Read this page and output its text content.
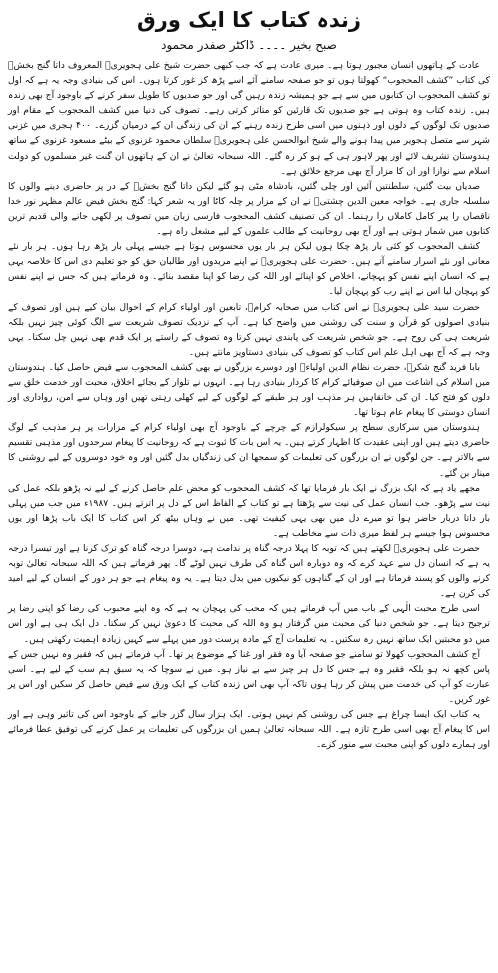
زندہ کتاب کا ایک ورق
صبح بخیر ۔۔۔۔ ڈاکٹر صفدر محمود

عادت کے ہاتھوں انسان مجبور ہوتا ہے۔ میری عادت ہے کہ جب کبھی حضرت شیخ علی ہجویریؒ المعروف داتا گنج بخشؒ کی کتاب ”کشف المحجوب“ کھولتا ہوں تو جو صفحہ سامنے آئے اسے پڑھ کر غور کرتا ہوں۔ اس کی بنیادی وجہ یہ ہے کہ اول تو کشف المحجوب ان کتابوں میں سے ہے جو ہمیشہ زندہ رہیں گی اور جو صدیوں کا طویل سفر کرنے کے باوجود آج بھی زندہ ہیں۔ زندہ کتاب وہ ہوتی ہے جو صدیوں تک قارئین کو متاثر کرتی رہے۔ تصوف کی دنیا میں کشف المحجوب کے مقام اور صدیوں تک لوگوں کے دلوں اور ذہنوں میں اسی طرح زندہ رہنے کے ان کی زندگی ان کے درمیان گزرے۔ ۴۰۰ ہجری میں غزنی شہر سے متصل ہجویر میں پیدا ہونے والے شیخ ابوالحسن علی ہجویریؒ سلطان محمود غزنوی کے بیٹے مسعود غزنوی کے ساتھ ہندوستان تشریف لائے اور پھر لاہور ہی کے ہو کر رہ گئے۔ اللہ سبحانہ تعالیٰ نے ان کے ہاتھوں ان گنت غیر مسلموں کو دولت اسلام سے نوازا اور ان کا مزار آج بھی مرجع خلائق ہے۔

صدیاں بیت گئیں، سلطنتیں آئیں اور چلی گئیں، بادشاہ مٹی ہو گئے لیکن داتا گنج بخشؒ کے در پر حاضری دینے والوں کا سلسلہ جاری ہے۔ خواجہ معین الدین چشتیؒ نے ان کے مزار پر چلہ کاٹا اور یہ شعر کہا: گنج بخش فیض عالم مظہر نور خدا ناقصاں را پیر کامل کاملاں را رہنما۔ ان کی تصنیف کشف المحجوب فارسی زبان میں تصوف پر لکھی جانے والی قدیم ترین کتابوں میں شمار ہوتی ہے اور آج بھی روحانیت کے طالب علموں کے لیے مشعل راہ ہے۔

کشف المحجوب کو کئی بار پڑھ چکا ہوں لیکن ہر بار یوں محسوس ہوتا ہے جیسے پہلی بار پڑھ رہا ہوں۔ ہر بار نئے معانی اور نئے اسرار سامنے آتے ہیں۔ حضرت علی ہجویریؒ نے اپنے مریدوں اور طالبان حق کو جو تعلیم دی اس کا خلاصہ یہی ہے کہ انسان اپنے نفس کو پہچانے، اخلاص کو اپنائے اور اللہ کی رضا کو اپنا مقصد بنائے۔ وہ فرماتے ہیں کہ جس نے اپنے نفس کو پہچان لیا اس نے اپنے رب کو پہچان لیا۔

حضرت سید علی ہجویریؒ نے اس کتاب میں صحابہ کرامؓ، تابعین اور اولیاء کرام کے احوال بیان کیے ہیں اور تصوف کے بنیادی اصولوں کو قرآن و سنت کی روشنی میں واضح کیا ہے۔ آپ کے نزدیک تصوف شریعت سے الگ کوئی چیز نہیں بلکہ شریعت ہی کی روح ہے۔ جو شخص شریعت کی پابندی نہیں کرتا وہ تصوف کے راستے پر ایک قدم بھی نہیں چل سکتا۔ یہی وجہ ہے کہ آج بھی اہل علم اس کتاب کو تصوف کی بنیادی دستاویز مانتے ہیں۔

بابا فرید گنج شکرؒ، حضرت نظام الدین اولیاءؒ اور دوسرے بزرگوں نے بھی کشف المحجوب سے فیض حاصل کیا۔ ہندوستان میں اسلام کی اشاعت میں ان صوفیائے کرام کا کردار بنیادی رہا ہے۔ انہوں نے تلوار کے بجائے اخلاق، محبت اور خدمت خلق سے دلوں کو فتح کیا۔ ان کی خانقاہیں ہر مذہب اور ہر طبقے کے لوگوں کے لیے کھلی رہتی تھیں اور وہاں سے امن، رواداری اور انسان دوستی کا پیغام عام ہوتا تھا۔

ہندوستان میں سرکاری سطح پر سیکولرازم کے چرچے کے باوجود آج بھی اولیاء کرام کے مزارات پر ہر مذہب کے لوگ حاضری دیتے ہیں اور اپنی عقیدت کا اظہار کرتے ہیں۔ یہ اس بات کا ثبوت ہے کہ روحانیت کا پیغام سرحدوں اور مذہبی تقسیم سے بالاتر ہے۔ جن لوگوں نے ان بزرگوں کی تعلیمات کو سمجھا ان کی زندگیاں بدل گئیں اور وہ خود دوسروں کے لیے روشنی کا مینار بن گئے۔

مجھے یاد ہے کہ ایک بزرگ نے ایک بار فرمایا تھا کہ کشف المحجوب کو محض علم حاصل کرنے کے لیے نہ پڑھو بلکہ عمل کی نیت سے پڑھو۔ جب انسان عمل کی نیت سے پڑھتا ہے تو کتاب کے الفاظ اس کے دل پر اترتے ہیں۔ ۱۹۸۷ء میں جب میں پہلی بار داتا دربار حاضر ہوا تو میرے دل میں بھی یہی کیفیت تھی۔ میں نے وہاں بیٹھ کر اس کتاب کا ایک باب پڑھا اور یوں محسوس ہوا جیسے ہر لفظ میری ذات سے مخاطب ہے۔

حضرت علی ہجویریؒ لکھتے ہیں کہ توبہ کا پہلا درجہ گناہ پر ندامت ہے، دوسرا درجہ گناہ کو ترک کرنا ہے اور تیسرا درجہ یہ ہے کہ انسان دل سے عہد کرے کہ وہ دوبارہ اس گناہ کی طرف نہیں لوٹے گا۔ پھر فرماتے ہیں کہ اللہ سبحانہ تعالیٰ توبہ کرنے والوں کو پسند فرماتا ہے اور ان کے گناہوں کو نیکیوں میں بدل دیتا ہے۔ یہ وہ پیغام ہے جو ہر دور کے انسان کے لیے امید کی کرن ہے۔

اسی طرح محبت الٰہی کے باب میں آپ فرماتے ہیں کہ محب کی پہچان یہ ہے کہ وہ اپنے محبوب کی رضا کو اپنی رضا پر ترجیح دیتا ہے۔ جو شخص دنیا کی محبت میں گرفتار ہو وہ اللہ کی محبت کا دعویٰ نہیں کر سکتا۔ دل ایک ہی ہے اور اس میں دو محبتیں ایک ساتھ نہیں رہ سکتیں۔ یہ تعلیمات آج کے مادہ پرست دور میں پہلے سے کہیں زیادہ اہمیت رکھتی ہیں۔

آج کشف المحجوب کھولا تو سامنے جو صفحہ آیا وہ فقر اور غنا کے موضوع پر تھا۔ آپ فرماتے ہیں کہ فقیر وہ نہیں جس کے پاس کچھ نہ ہو بلکہ فقیر وہ ہے جس کا دل ہر چیز سے بے نیاز ہو۔ میں نے سوچا کہ یہ سبق ہم سب کے لیے ہے۔ اسی عبارت کو آپ کی خدمت میں پیش کر رہا ہوں تاکہ آپ بھی اس زندہ کتاب کے ایک ورق سے فیض حاصل کر سکیں اور اس پر غور کریں۔

یہ کتاب ایک ایسا چراغ ہے جس کی روشنی کم نہیں ہوتی۔ ایک ہزار سال گزر جانے کے باوجود اس کی تاثیر وہی ہے اور اس کا پیغام آج بھی اسی طرح تازہ ہے۔ اللہ سبحانہ تعالیٰ ہمیں ان بزرگوں کی تعلیمات پر عمل کرنے کی توفیق عطا فرمائے اور ہمارے دلوں کو اپنی محبت سے منور کرے۔
